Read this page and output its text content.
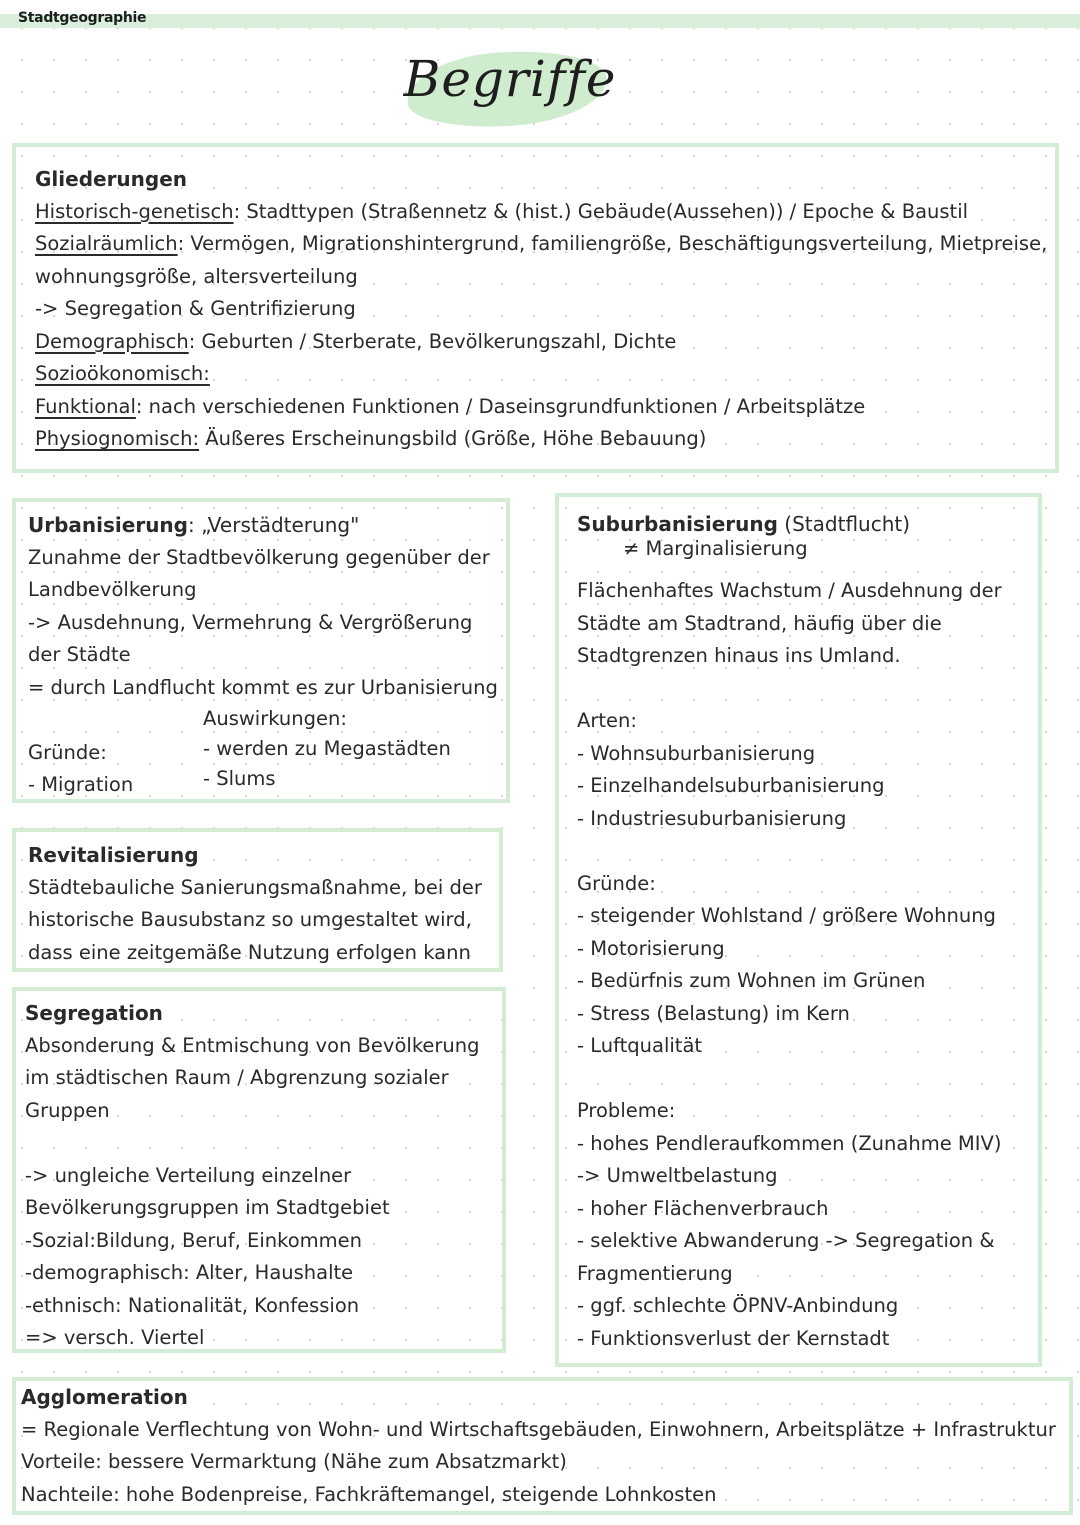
Stadtgeographie
Begriffe

Gliederungen

Historisch-genetisch: Stadttypen (Straßennetz & (hist.) Gebäude(Aussehen)) / Epoche & Baustil

Sozialräumlich: Vermögen, Migrationshintergrund, familiengröße, Beschäftigungsverteilung, Mietpreise,

wohnungsgröße, altersverteilung

-> Segregation & Gentrifizierung

Demographisch: Geburten / Sterberate, Bevölkerungszahl, Dichte

Sozioökonomisch:

Funktional: nach verschiedenen Funktionen / Daseinsgrundfunktionen / Arbeitsplätze

Physiognomisch: Äußeres Erscheinungsbild (Größe, Höhe Bebauung)

Urbanisierung: „Verstädterung"

Zunahme der Stadtbevölkerung gegenüber der

Landbevölkerung

-> Ausdehnung, Vermehrung & Vergrößerung

der Städte

= durch Landflucht kommt es zur Urbanisierung

Gründe:

- Migration

Auswirkungen:

- werden zu Megastädten

- Slums

Revitalisierung

Städtebauliche Sanierungsmaßnahme, bei der

historische Bausubstanz so umgestaltet wird,

dass eine zeitgemäße Nutzung erfolgen kann

Segregation

Absonderung & Entmischung von Bevölkerung

im städtischen Raum / Abgrenzung sozialer

Gruppen

-> ungleiche Verteilung einzelner

Bevölkerungsgruppen im Stadtgebiet

-Sozial:Bildung, Beruf, Einkommen

-demographisch: Alter, Haushalte

-ethnisch: Nationalität, Konfession

=> versch. Viertel

Suburbanisierung (Stadtflucht)

≠ Marginalisierung

Flächenhaftes Wachstum / Ausdehnung der

Städte am Stadtrand, häufig über die

Stadtgrenzen hinaus ins Umland.

Arten:

- Wohnsuburbanisierung

- Einzelhandelsuburbanisierung

- Industriesuburbanisierung

Gründe:

- steigender Wohlstand / größere Wohnung

- Motorisierung

- Bedürfnis zum Wohnen im Grünen

- Stress (Belastung) im Kern

- Luftqualität

Probleme:

- hohes Pendleraufkommen (Zunahme MIV)

-> Umweltbelastung

- hoher Flächenverbrauch

- selektive Abwanderung -> Segregation &

Fragmentierung

- ggf. schlechte ÖPNV-Anbindung

- Funktionsverlust der Kernstadt

Agglomeration

= Regionale Verflechtung von Wohn- und Wirtschaftsgebäuden, Einwohnern, Arbeitsplätze + Infrastruktur

Vorteile: bessere Vermarktung (Nähe zum Absatzmarkt)

Nachteile: hohe Bodenpreise, Fachkräftemangel, steigende Lohnkosten
